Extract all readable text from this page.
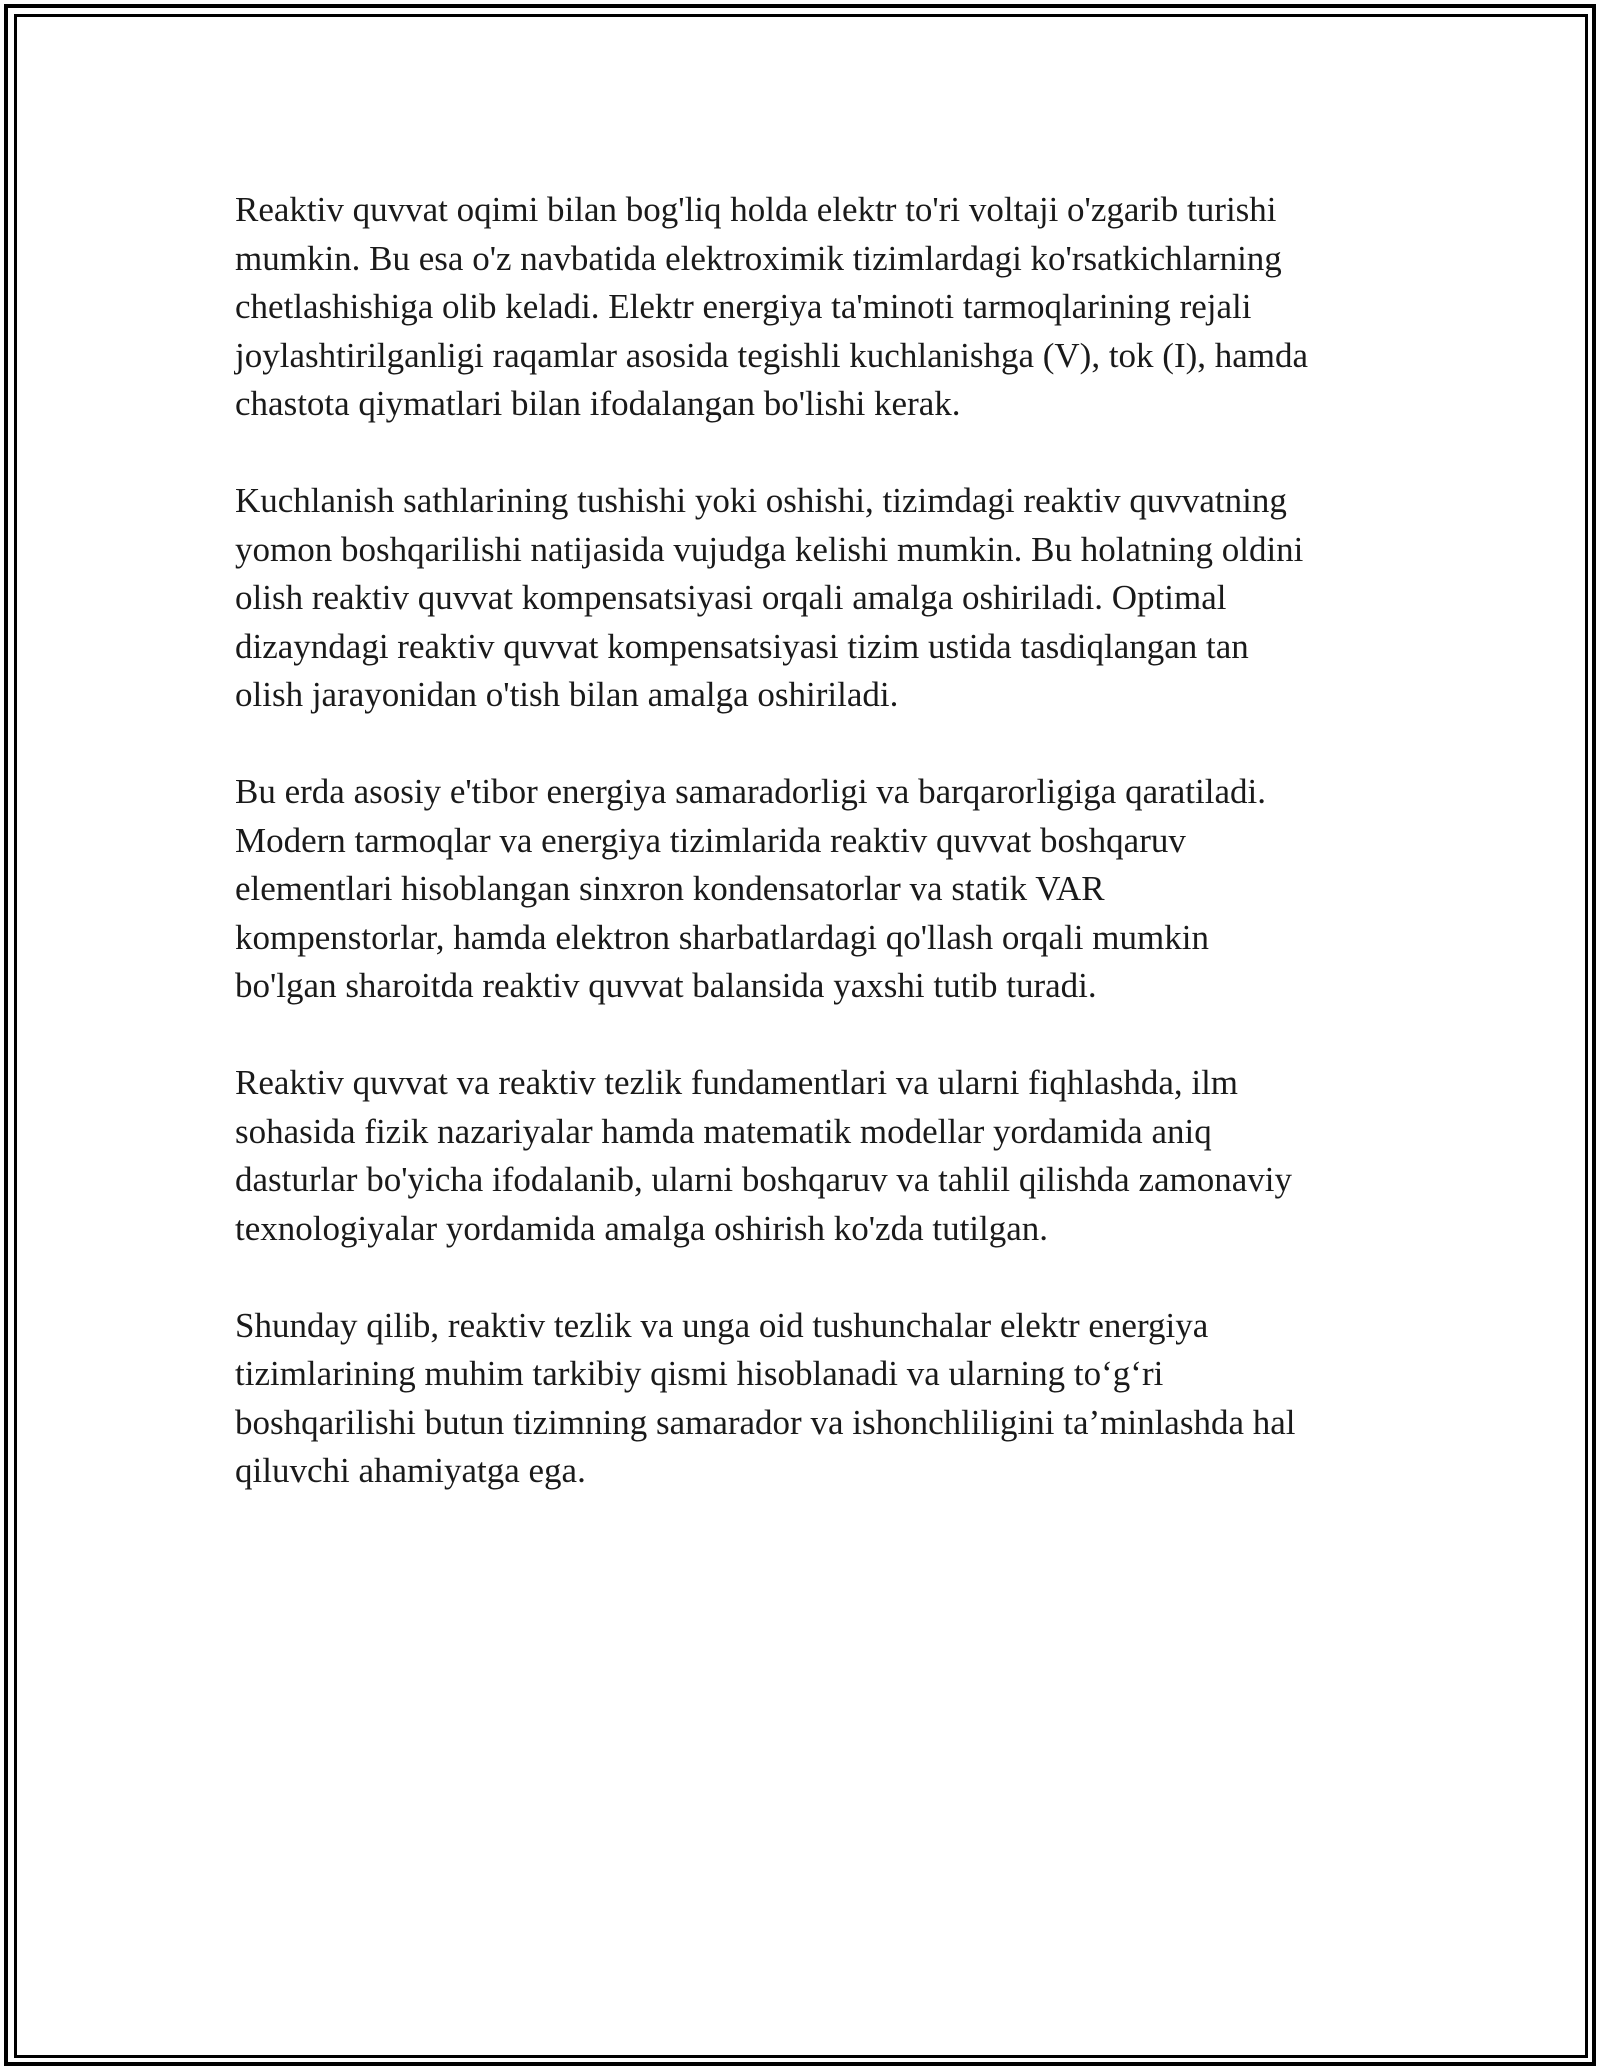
Reaktiv quvvat oqimi bilan bog'liq holda elektr to'ri voltaji o'zgarib turishi
mumkin. Bu esa o'z navbatida elektroximik tizimlardagi ko'rsatkichlarning
chetlashishiga olib keladi. Elektr energiya ta'minoti tarmoqlarining rejali
joylashtirilganligi raqamlar asosida tegishli kuchlanishga (V), tok (I), hamda
chastota qiymatlari bilan ifodalangan bo'lishi kerak.

Kuchlanish sathlarining tushishi yoki oshishi, tizimdagi reaktiv quvvatning
yomon boshqarilishi natijasida vujudga kelishi mumkin. Bu holatning oldini
olish reaktiv quvvat kompensatsiyasi orqali amalga oshiriladi. Optimal
dizayndagi reaktiv quvvat kompensatsiyasi tizim ustida tasdiqlangan tan
olish jarayonidan o'tish bilan amalga oshiriladi.

Bu erda asosiy e'tibor energiya samaradorligi va barqarorligiga qaratiladi.
Modern tarmoqlar va energiya tizimlarida reaktiv quvvat boshqaruv
elementlari hisoblangan sinxron kondensatorlar va statik VAR
kompenstorlar, hamda elektron sharbatlardagi qo'llash orqali mumkin
bo'lgan sharoitda reaktiv quvvat balansida yaxshi tutib turadi.

Reaktiv quvvat va reaktiv tezlik fundamentlari va ularni fiqhlashda, ilm
sohasida fizik nazariyalar hamda matematik modellar yordamida aniq
dasturlar bo'yicha ifodalanib, ularni boshqaruv va tahlil qilishda zamonaviy
texnologiyalar yordamida amalga oshirish ko'zda tutilgan.

Shunday qilib, reaktiv tezlik va unga oid tushunchalar elektr energiya
tizimlarining muhim tarkibiy qismi hisoblanadi va ularning to‘g‘ri
boshqarilishi butun tizimning samarador va ishonchliligini ta’minlashda hal
qiluvchi ahamiyatga ega.
